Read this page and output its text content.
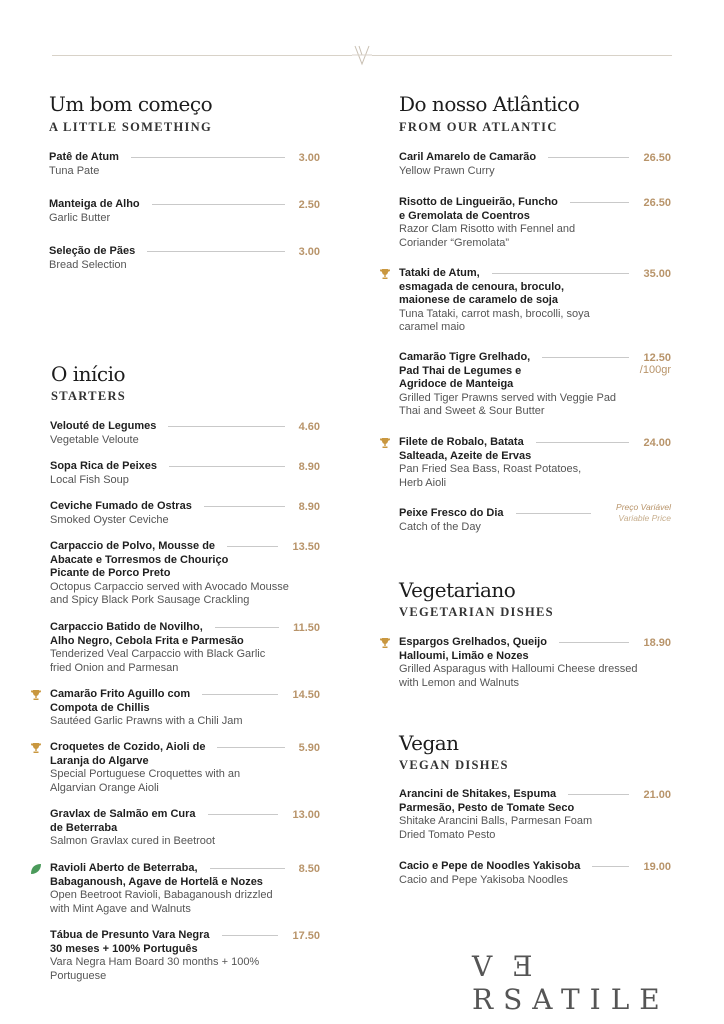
Um bom começo
A LITTLE SOMETHING
Patê de Atum	3.00
Tuna Pate
Manteiga de Alho	2.50
Garlic Butter
Seleção de Pães	3.00
Bread Selection
O início
STARTERS
Velouté de Legumes	4.60
Vegetable Veloute
Sopa Rica de Peixes	8.90
Local Fish Soup
Ceviche Fumado de Ostras	8.90
Smoked Oyster Ceviche
Carpaccio de Polvo, Mousse de	13.50
Abacate e Torresmos de Chouriço
Picante de Porco Preto
Octopus Carpaccio served with Avocado Mousse
and Spicy Black Pork Sausage Crackling
Carpaccio Batido de Novilho,	11.50
Alho Negro, Cebola Frita e Parmesão
Tenderized Veal Carpaccio with Black Garlic
fried Onion and Parmesan
Camarão Frito Aguillo com	14.50
Compota de Chillis
Sautéed Garlic Prawns with a Chili Jam
Croquetes de Cozido, Aioli de	5.90
Laranja do Algarve
Special Portuguese Croquettes with an
Algarvian Orange Aioli
Gravlax de Salmão em Cura	13.00
de Beterraba
Salmon Gravlax cured in Beetroot
Ravioli Aberto de Beterraba,	8.50
Babaganoush, Agave de Hortelã e Nozes
Open Beetroot Ravioli, Babaganoush drizzled
with Mint Agave and Walnuts
Tábua de Presunto Vara Negra	17.50
30 meses + 100% Português
Vara Negra Ham Board 30 months + 100%
Portuguese
Do nosso Atlântico
FROM OUR ATLANTIC
Caril Amarelo de Camarão	26.50
Yellow Prawn Curry
Risotto de Lingueirão, Funcho	26.50
e Gremolata de Coentros
Razor Clam Risotto with Fennel and
Coriander “Gremolata”
Tataki de Atum,	35.00
esmagada de cenoura, broculo,
maionese de caramelo de soja
Tuna Tataki, carrot mash, brocolli, soya
caramel maio
Camarão Tigre Grelhado,	12.50
/100gr
Pad Thai de Legumes e
Agridoce de Manteiga
Grilled Tiger Prawns served with Veggie Pad
Thai and Sweet & Sour Butter
Filete de Robalo, Batata	24.00
Salteada, Azeite de Ervas
Pan Fried Sea Bass, Roast Potatoes,
Herb Aioli
Peixe Fresco do Dia	Preço Variável
Variable Price
Catch of the Day
Vegetariano
VEGETARIAN DISHES
Espargos Grelhados, Queijo	18.90
Halloumi, Limão e Nozes
Grilled Asparagus with Halloumi Cheese dressed
with Lemon and Walnuts
Vegan
VEGAN DISHES
Arancini de Shitakes, Espuma	21.00
Parmesão, Pesto de Tomate Seco
Shitake Arancini Balls, Parmesan Foam
Dried Tomato Pesto
Cacio e Pepe de Noodles Yakisoba	19.00
Cacio and Pepe Yakisoba Noodles
VERSATILE
